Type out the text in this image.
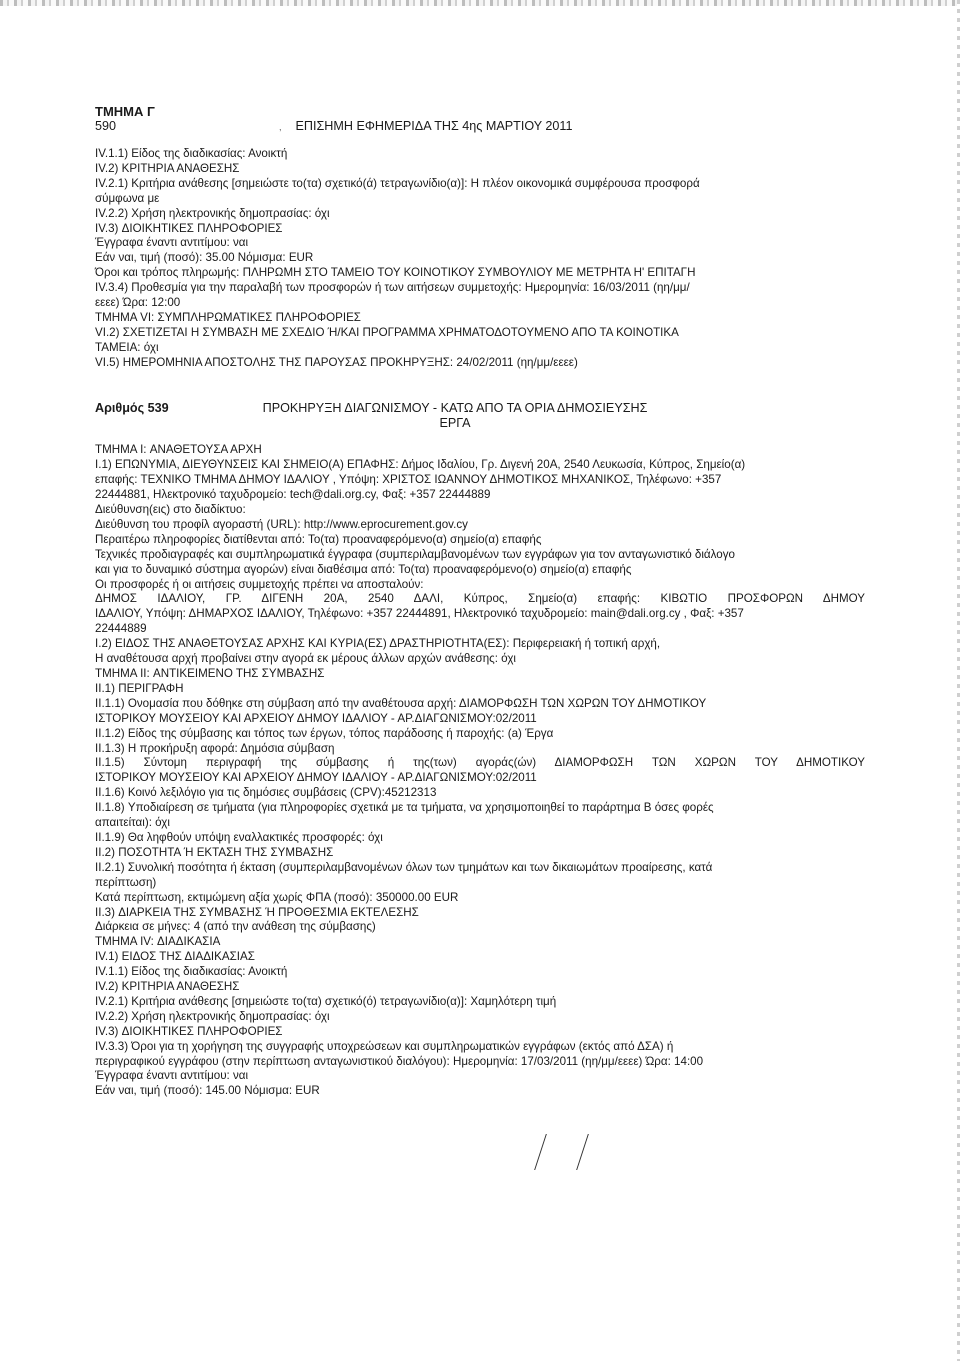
ΤΜΗΜΑ Γ
590	, ΕΠΙΣΗΜΗ ΕΦΗΜΕΡΙΔΑ ΤΗΣ 4ης ΜΑΡΤΙΟΥ 2011
IV.1.1) Είδος της διαδικασίας: Ανοικτή
IV.2) ΚΡΙΤΗΡΙΑ ΑΝΑΘΕΣΗΣ
IV.2.1) Κριτήρια ανάθεσης [σημειώστε το(τα) σχετικό(ά) τετραγωνίδιο(α)]: Η πλέον οικονομικά συμφέρουσα προσφορά
σύμφωνα με
IV.2.2) Χρήση ηλεκτρονικής δημοπρασίας: όχι
IV.3) ΔΙΟΙΚΗΤΙΚΕΣ ΠΛΗΡΟΦΟΡΙΕΣ
Έγγραφα έναντι αντιτίμου: ναι
Εάν ναι, τιμή (ποσό): 35.00 Νόμισμα: EUR
Όροι και τρόπος πληρωμής: ΠΛΗΡΩΜΗ ΣΤΟ ΤΑΜΕΙΟ ΤΟΥ ΚΟΙΝΟΤΙΚΟΥ ΣΥΜΒΟΥΛΙΟΥ ΜΕ ΜΕΤΡΗΤΑ Η' ΕΠΙΤΑΓΗ
IV.3.4) Προθεσμία για την παραλαβή των προσφορών ή των αιτήσεων συμμετοχής: Ημερομηνία: 16/03/2011 (ηη/μμ/
εεεε) Ώρα: 12:00
ΤΜΗΜΑ VI: ΣΥΜΠΛΗΡΩΜΑΤΙΚΕΣ ΠΛΗΡΟΦΟΡΙΕΣ
VI.2) ΣΧΕΤΙΖΕΤΑΙ Η ΣΥΜΒΑΣΗ ΜΕ ΣΧΕΔΙΟ Ή/ΚΑΙ ΠΡΟΓΡΑΜΜΑ ΧΡΗΜΑΤΟΔΟΤΟΥΜΕΝΟ ΑΠΟ ΤΑ ΚΟΙΝΟΤΙΚΑ
ΤΑΜΕΙΑ: όχι
VI.5) ΗΜΕΡΟΜΗΝΙΑ ΑΠΟΣΤΟΛΗΣ ΤΗΣ ΠΑΡΟΥΣΑΣ ΠΡΟΚΗΡΥΞΗΣ: 24/02/2011 (ηη/μμ/εεεε)
Αριθμός 539	ΠΡΟΚΗΡΥΞΗ ΔΙΑΓΩΝΙΣΜΟΥ - ΚΑΤΩ ΑΠΟ ΤΑ ΟΡΙΑ ΔΗΜΟΣΙΕΥΣΗΣ
ΕΡΓΑ
ΤΜΗΜΑ I: ΑΝΑΘΕΤΟΥΣΑ ΑΡΧΗ
I.1) ΕΠΩΝΥΜΙΑ, ΔΙΕΥΘΥΝΣΕΙΣ ΚΑΙ ΣΗΜΕΙΟ(Α) ΕΠΑΦΗΣ: Δήμος Ιδαλίου, Γρ. Διγενή 20Α, 2540 Λευκωσία, Κύπρος, Σημείο(α)
επαφής: ΤΕΧΝΙΚΟ ΤΜΗΜΑ ΔΗΜΟΥ ΙΔΑΛΙΟΥ , Υπόψη: ΧΡΙΣΤΟΣ ΙΩΑΝΝΟΥ ΔΗΜΟΤΙΚΟΣ ΜΗΧΑΝΙΚΟΣ, Τηλέφωνο: +357
22444881, Ηλεκτρονικό ταχυδρομείο: tech@dali.org.cy, Φαξ: +357 22444889
Διεύθυνση(εις) στο διαδίκτυο:
Διεύθυνση του προφίλ αγοραστή (URL): http://www.eprocurement.gov.cy
Περαιτέρω πληροφορίες διατίθενται από: Το(τα) προαναφερόμενο(α) σημείο(α) επαφής
Τεχνικές προδιαγραφές και συμπληρωματικά έγγραφα (συμπεριλαμβανομένων των εγγράφων για τον ανταγωνιστικό διάλογο
και για το δυναμικό σύστημα αγορών) είναι διαθέσιμα από: Το(τα) προαναφερόμενο(ο) σημείο(α) επαφής
Οι προσφορές ή οι αιτήσεις συμμετοχής πρέπει να αποσταλούν:
ΔΗΜΟΣ ΙΔΑΛΙΟΥ, ΓΡ. ΔΙΓΕΝΗ 20Α, 2540 ΔΑΛΙ, Κύπρος, Σημείο(α) επαφής: ΚΙΒΩΤΙΟ ΠΡΟΣΦΟΡΩΝ ΔΗΜΟΥ
ΙΔΑΛΙΟΥ, Υπόψη: ΔΗΜΑΡΧΟΣ ΙΔΑΛΙΟΥ, Τηλέφωνο: +357 22444891, Ηλεκτρονικό ταχυδρομείο: main@dali.org.cy , Φαξ: +357
22444889
I.2) ΕΙΔΟΣ ΤΗΣ ΑΝΑΘΕΤΟΥΣΑΣ ΑΡΧΗΣ ΚΑΙ ΚΥΡΙΑ(ΕΣ) ΔΡΑΣΤΗΡΙΟΤΗΤΑ(ΕΣ): Περιφερειακή ή τοπική αρχή,
Η αναθέτουσα αρχή προβαίνει στην αγορά εκ μέρους άλλων αρχών ανάθεσης: όχι
ΤΜΗΜΑ II: ΑΝΤΙΚΕΙΜΕΝΟ ΤΗΣ ΣΥΜΒΑΣΗΣ
II.1) ΠΕΡΙΓΡΑΦΗ
II.1.1) Ονομασία που δόθηκε στη σύμβαση από την αναθέτουσα αρχή: ΔΙΑΜΟΡΦΩΣΗ ΤΩΝ ΧΩΡΩΝ ΤΟΥ ΔΗΜΟΤΙΚΟΥ
ΙΣΤΟΡΙΚΟΥ ΜΟΥΣΕΙΟΥ ΚΑΙ ΑΡΧΕΙΟΥ ΔΗΜΟΥ ΙΔΑΛΙΟΥ - ΑΡ.ΔΙΑΓΩΝΙΣΜΟΥ:02/2011
II.1.2) Είδος της σύμβασης και τόπος των έργων, τόπος παράδοσης ή παροχής: (a) Έργα
II.1.3) Η προκήρυξη αφορά: Δημόσια σύμβαση
II.1.5) Σύντομη περιγραφή της σύμβασης ή της(των) αγοράς(ών) ΔΙΑΜΟΡΦΩΣΗ ΤΩΝ ΧΩΡΩΝ ΤΟΥ ΔΗΜΟΤΙΚΟΥ
ΙΣΤΟΡΙΚΟΥ ΜΟΥΣΕΙΟΥ ΚΑΙ ΑΡΧΕΙΟΥ ΔΗΜΟΥ ΙΔΑΛΙΟΥ - ΑΡ.ΔΙΑΓΩΝΙΣΜΟΥ:02/2011
II.1.6) Κοινό λεξιλόγιο για τις δημόσιες συμβάσεις (CPV):45212313
II.1.8) Υποδιαίρεση σε τμήματα (για πληροφορίες σχετικά με τα τμήματα, να χρησιμοποιηθεί το παράρτημα Β όσες φορές
απαιτείται): όχι
II.1.9) Θα ληφθούν υπόψη εναλλακτικές προσφορές: όχι
II.2) ΠΟΣΟΤΗΤΑ Ή ΕΚΤΑΣΗ ΤΗΣ ΣΥΜΒΑΣΗΣ
II.2.1) Συνολική ποσότητα ή έκταση (συμπεριλαμβανομένων όλων των τμημάτων και των δικαιωμάτων προαίρεσης, κατά
περίπτωση)
Κατά περίπτωση, εκτιμώμενη αξία χωρίς ΦΠΑ (ποσό): 350000.00 EUR
II.3) ΔΙΑΡΚΕΙΑ ΤΗΣ ΣΥΜΒΑΣΗΣ Ή ΠΡΟΘΕΣΜΙΑ ΕΚΤΕΛΕΣΗΣ
Διάρκεια σε μήνες: 4 (από την ανάθεση της σύμβασης)
ΤΜΗΜΑ IV: ΔΙΑΔΙΚΑΣΙΑ
IV.1) ΕΙΔΟΣ ΤΗΣ ΔΙΑΔΙΚΑΣΙΑΣ
IV.1.1) Είδος της διαδικασίας: Ανοικτή
IV.2) ΚΡΙΤΗΡΙΑ ΑΝΑΘΕΣΗΣ
IV.2.1) Κριτήρια ανάθεσης [σημειώστε το(τα) σχετικό(ό) τετραγωνίδιο(α)]: Χαμηλότερη τιμή
IV.2.2) Χρήση ηλεκτρονικής δημοπρασίας: όχι
IV.3) ΔΙΟΙΚΗΤΙΚΕΣ ΠΛΗΡΟΦΟΡΙΕΣ
IV.3.3) Όροι για τη χορήγηση της συγγραφής υποχρεώσεων και συμπληρωματικών εγγράφων (εκτός από ΔΣΑ) ή
περιγραφικού εγγράφου (στην περίπτωση ανταγωνιστικού διαλόγου): Ημερομηνία: 17/03/2011 (ηη/μμ/εεεε) Ώρα: 14:00
Έγγραφα έναντι αντιτίμου: ναι
Εάν ναι, τιμή (ποσό): 145.00 Νόμισμα: EUR
